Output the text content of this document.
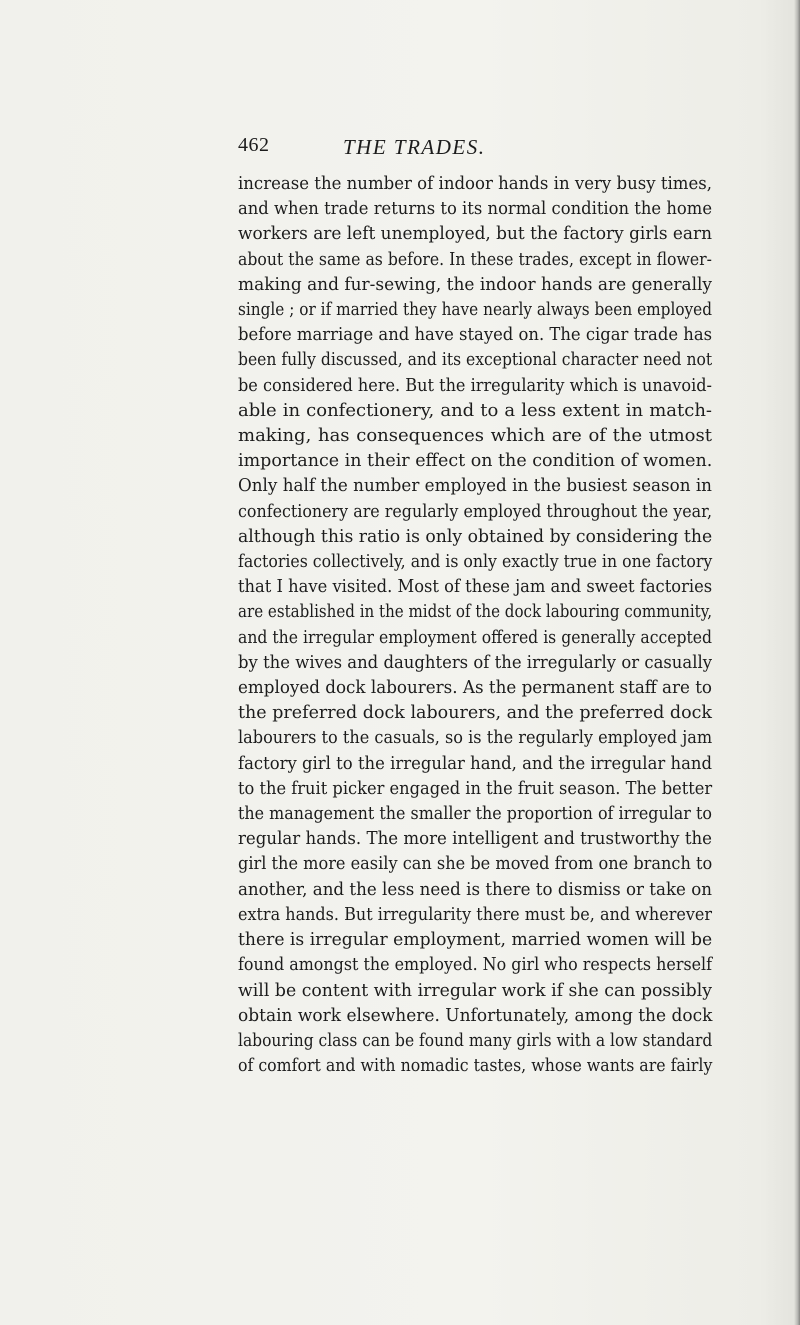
462	THE TRADES.
increase the number of indoor hands in very busy times,
and when trade returns to its normal condition the home
workers are left unemployed, but the factory girls earn
about the same as before. In these trades, except in flower-
making and fur-sewing, the indoor hands are generally
single ; or if married they have nearly always been employed
before marriage and have stayed on. The cigar trade has
been fully discussed, and its exceptional character need not
be considered here. But the irregularity which is unavoid-
able in confectionery, and to a less extent in match-
making, has consequences which are of the utmost
importance in their effect on the condition of women.
Only half the number employed in the busiest season in
confectionery are regularly employed throughout the year,
although this ratio is only obtained by considering the
factories collectively, and is only exactly true in one factory
that I have visited. Most of these jam and sweet factories
are established in the midst of the dock labouring community,
and the irregular employment offered is generally accepted
by the wives and daughters of the irregularly or casually
employed dock labourers. As the permanent staff are to
the preferred dock labourers, and the preferred dock
labourers to the casuals, so is the regularly employed jam
factory girl to the irregular hand, and the irregular hand
to the fruit picker engaged in the fruit season. The better
the management the smaller the proportion of irregular to
regular hands. The more intelligent and trustworthy the
girl the more easily can she be moved from one branch to
another, and the less need is there to dismiss or take on
extra hands. But irregularity there must be, and wherever
there is irregular employment, married women will be
found amongst the employed. No girl who respects herself
will be content with irregular work if she can possibly
obtain work elsewhere. Unfortunately, among the dock
labouring class can be found many girls with a low standard
of comfort and with nomadic tastes, whose wants are fairly
